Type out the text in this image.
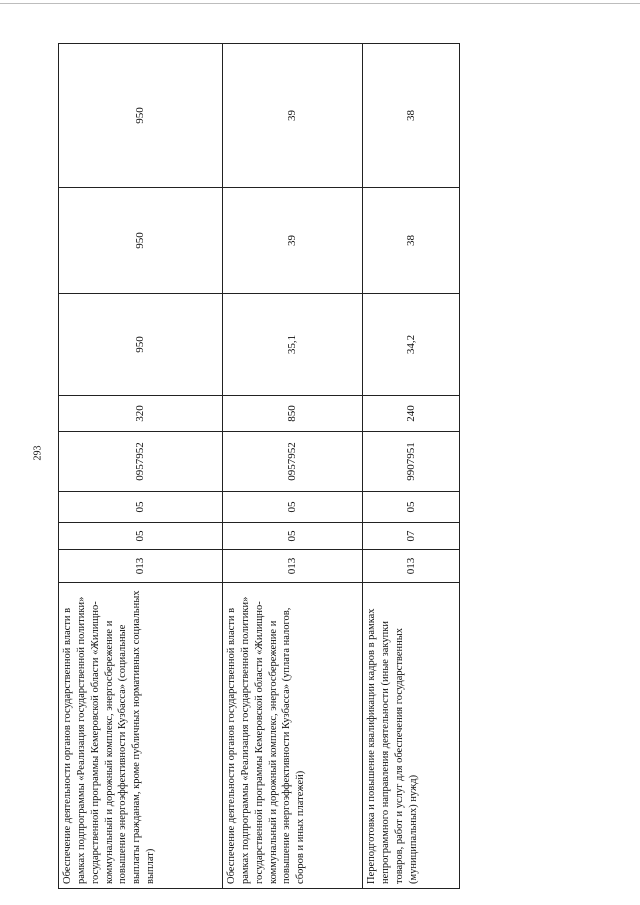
293
Обеспечение деятельности органов государственной власти в рамках подпрограммы «Реализация государственной политики» государственной программы Кемеровской области «Жилищно-коммунальный и дорожный комплекс, энергосбережение и повышение энергоэффективности Кузбасса» (социальные выплаты гражданам, кроме публичных нормативных социальных выплат)	013	05	05	0957952	320	950	950	950
Обеспечение деятельности органов государственной власти в рамках подпрограммы «Реализация государственной политики» государственной программы Кемеровской области «Жилищно-коммунальный и дорожный комплекс, энергосбережение и повышение энергоэффективности Кузбасса» (уплата налогов, сборов и иных платежей)	013	05	05	0957952	850	35,1	39	39
Переподготовка и повышение квалификации кадров в рамках непрограммного направления деятельности (иные закупки товаров, работ и услуг для обеспечения государственных (муниципальных) нужд)	013	07	05	9907951	240	34,2	38	38
